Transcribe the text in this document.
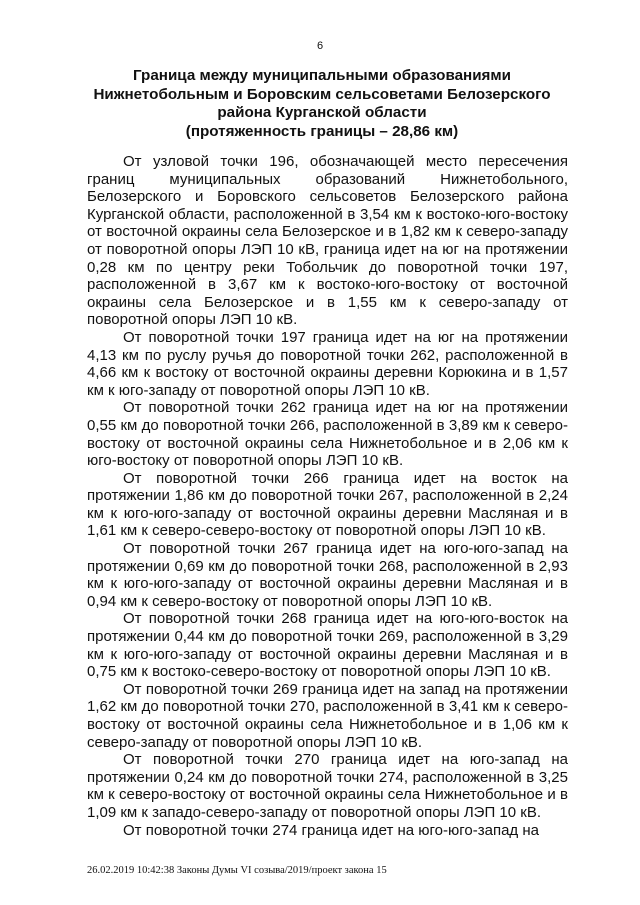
6
Граница между муниципальными образованиями
Нижнетобольным и Боровским сельсоветами Белозерского
района Курганской области
(протяженность границы – 28,86 км)

От узловой точки 196, обозначающей место пересечения границ муниципальных образований Нижнетобольного, Белозерского и Боровского сельсоветов Белозерского района Курганской области, расположенной в 3,54 км к востоко-юго-востоку от восточной окраины села Белозерское и в 1,82 км к северо-западу от поворотной опоры ЛЭП 10 кВ, граница идет на юг на протяжении 0,28 км по центру реки Тобольчик до поворотной точки 197, расположенной в 3,67 км к востоко-юго-востоку от восточной окраины села Белозерское и в 1,55 км к северо-западу от поворотной опоры ЛЭП 10 кВ.

От поворотной точки 197 граница идет на юг на протяжении 4,13 км по руслу ручья до поворотной точки 262, расположенной в 4,66 км к востоку от восточной окраины деревни Корюкина и в 1,57 км к юго-западу от поворотной опоры ЛЭП 10 кВ.

От поворотной точки 262 граница идет на юг на протяжении 0,55 км до поворотной точки 266, расположенной в 3,89 км к северо-востоку от восточной окраины села Нижнетобольное и в 2,06 км к юго-востоку от поворотной опоры ЛЭП 10 кВ.

От поворотной точки 266 граница идет на восток на протяжении 1,86 км до поворотной точки 267, расположенной в 2,24 км к юго-юго-западу от восточной окраины деревни Масляная и в 1,61 км к северо-северо-востоку от поворотной опоры ЛЭП 10 кВ.

От поворотной точки 267 граница идет на юго-юго-запад на протяжении 0,69 км до поворотной точки 268, расположенной в 2,93 км к юго-юго-западу от восточной окраины деревни Масляная и в 0,94 км к северо-востоку от поворотной опоры ЛЭП 10 кВ.

От поворотной точки 268 граница идет на юго-юго-восток на протяжении 0,44 км до поворотной точки 269, расположенной в 3,29 км к юго-юго-западу от восточной окраины деревни Масляная и в 0,75 км к востоко-северо-востоку от поворотной опоры ЛЭП 10 кВ.

От поворотной точки 269 граница идет на запад на протяжении 1,62 км до поворотной точки 270, расположенной в 3,41 км к северо-востоку от восточной окраины села Нижнетобольное и в 1,06 км к северо-западу от поворотной опоры ЛЭП 10 кВ.

От поворотной точки 270 граница идет на юго-запад на протяжении 0,24 км до поворотной точки 274, расположенной в 3,25 км к северо-востоку от восточной окраины села Нижнетобольное и в 1,09 км к западо-северо-западу от поворотной опоры ЛЭП 10 кВ.

От поворотной точки 274 граница идет на юго-юго-запад на

26.02.2019 10:42:38 Законы Думы VI созыва/2019/проект закона 15
